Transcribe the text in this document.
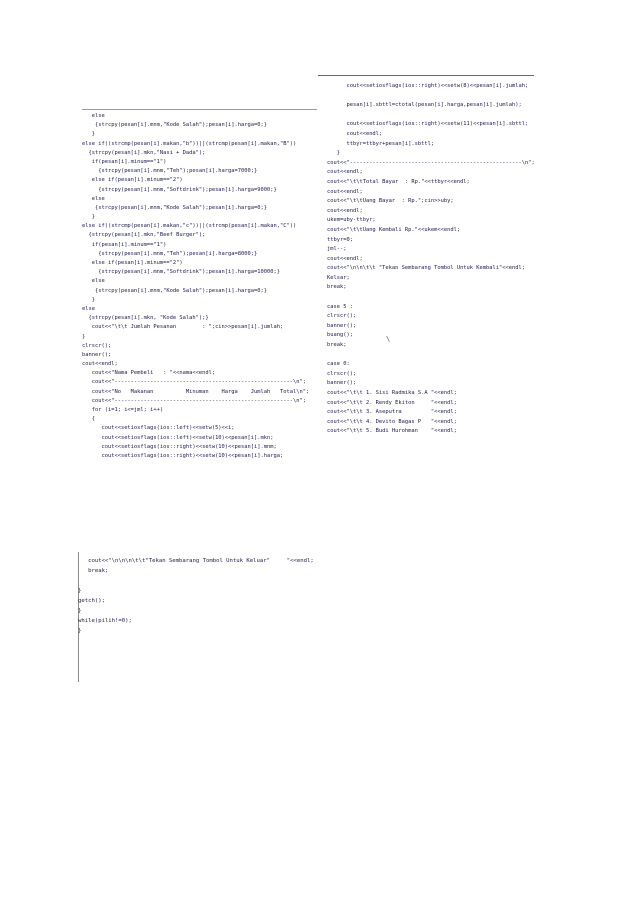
else
{strcpy(pesan[i].mnm,"Kode Salah");pesan[i].harga=0;}
}
else if((strcmp(pesan[i].makan,"b"))||(strcmp(pesan[i].makan,"B"))
{strcpy(pesan[i].mkn,"Nasi + Dada");
if(pesan[i].minum=="1")
{strcpy(pesan[i].mnm,"Teh");pesan[i].harga=7000;}
else if(pesan[i].minum=="2")
{strcpy(pesan[i].mnm,"Softdrink");pesan[i].harga=9000;}
else
{strcpy(pesan[i].mnm,"Kode Salah");pesan[i].harga=0;}
}
else if((strcmp(pesan[i].makan,"c"))||(strcmp(pesan[i].makan,"C"))
{strcpy(pesan[i].mkn,"Beef Burger");
if(pesan[i].minum=="1")
{strcpy(pesan[i].mnm,"Teh");pesan[i].harga=8000;}
else if(pesan[i].minum=="2")
{strcpy(pesan[i].mnm,"Softdrink");pesan[i].harga=10000;}
else
{strcpy(pesan[i].mnm,"Kode Salah");pesan[i].harga=0;}
}
else
{strcpy(pesan[i].mkn, "Kode Salah");}
cout<<"\t\t Jumlah Pesanan        : ";cin>>pesan[i].jumlah;
}
clrscr();
banner();
cout<<endl;
cout<<"Nama Pembeli   : "<<nama<<endl;
cout<<"-------------------------------------------------------\n";
cout<<"No   Makanan          Minuman    Harga    Jumlah   Total\n";
cout<<"-------------------------------------------------------\n";
for (i=1; i<=jml; i++)
{
cout<<setiosflags(ios::left)<<setw(5)<<i;
cout<<setiosflags(ios::left)<<setw(10)<<pesan[i].mkn;
cout<<setiosflags(ios::right)<<setw(10)<<pesan[i].mnm;
cout<<setiosflags(ios::right)<<setw(10)<<pesan[i].harga;
cout<<"\n\n\n\t\t"Tekan Sembarang Tombol Untuk Keluar"     "<<endl;
break;
}
getch();
}
while(pilih!=0);
}
cout<<setiosflags(ios::right)<<setw(8)<<pesan[i].jumlah;
pesan[i].sbttl=ctotal(pesan[i].harga,pesan[i].jumlah);
cout<<setiosflags(ios::right)<<setw(11)<<pesan[i].sbttl;
cout<<endl;
ttbyr=ttbyr+pesan[i].sbttl;
}
cout<<"-----------------------------------------------------\n";
cout<<endl;
cout<<"\t\tTotal Bayar  : Rp."<<ttbyr<<endl;
cout<<endl;
cout<<"\t\tUang Bayar  : Rp.";cin>>uby;
cout<<endl;
ukem=uby-ttbyr;
cout<<"\t\tUang Kembali Rp."<<ukem<<endl;
ttbyr=0;
jml--;
cout<<endl;
cout<<"\n\n\t\t "Tekan Sembarang Tombol Untuk Kembali"<<endl;
Kelsar;
break;
case 5 :
clrscr();
banner();
buang();
break;
case 0:
clrscr();
banner();
cout<<"\t\t 1. Sisi Radmika S.A "<<endl;
cout<<"\t\t 2. Rendy Ekiton     "<<endl;
cout<<"\t\t 3. Aseputra         "<<endl;
cout<<"\t\t 4. Devito Bagas P   "<<endl;
cout<<"\t\t 5. Budi Hurohman    "<<endl;
\
